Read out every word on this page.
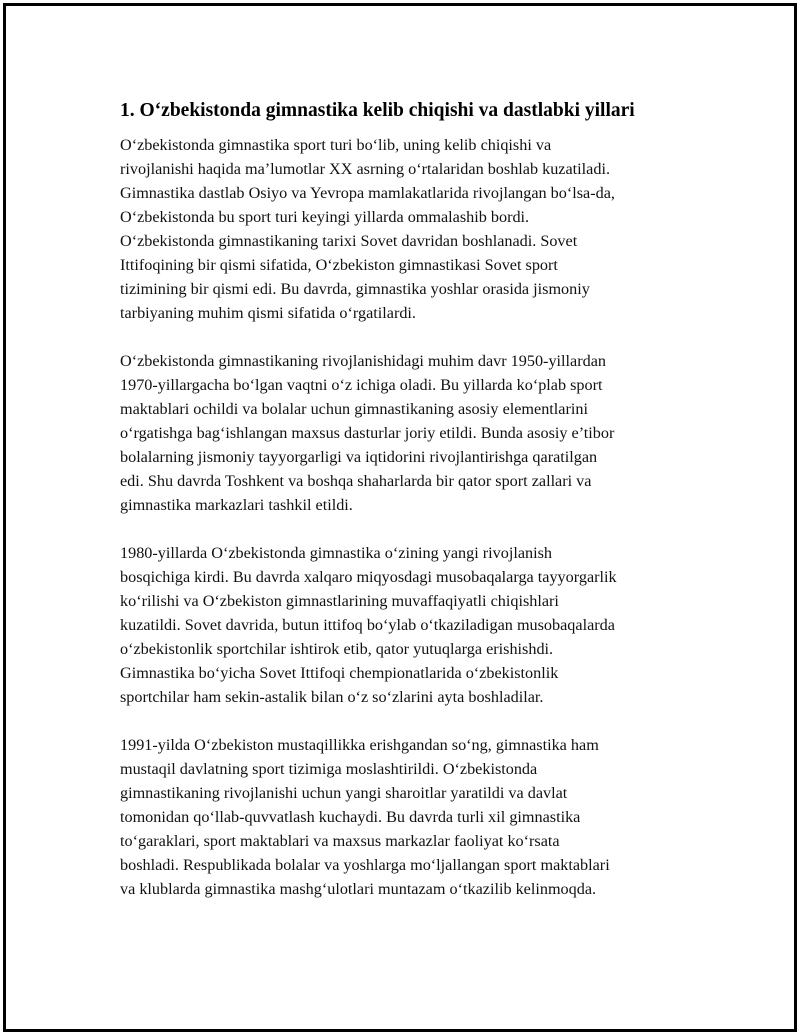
1. O‘zbekistonda gimnastika kelib chiqishi va dastlabki yillari
O‘zbekistonda gimnastika sport turi bo‘lib, uning kelib chiqishi va
rivojlanishi haqida ma’lumotlar XX asrning o‘rtalaridan boshlab kuzatiladi.
Gimnastika dastlab Osiyo va Yevropa mamlakatlarida rivojlangan bo‘lsa-da,
O‘zbekistonda bu sport turi keyingi yillarda ommalashib bordi.
O‘zbekistonda gimnastikaning tarixi Sovet davridan boshlanadi. Sovet
Ittifoqining bir qismi sifatida, O‘zbekiston gimnastikasi Sovet sport
tizimining bir qismi edi. Bu davrda, gimnastika yoshlar orasida jismoniy
tarbiyaning muhim qismi sifatida o‘rgatilardi.
O‘zbekistonda gimnastikaning rivojlanishidagi muhim davr 1950-yillardan
1970-yillargacha bo‘lgan vaqtni o‘z ichiga oladi. Bu yillarda ko‘plab sport
maktablari ochildi va bolalar uchun gimnastikaning asosiy elementlarini
o‘rgatishga bag‘ishlangan maxsus dasturlar joriy etildi. Bunda asosiy e’tibor
bolalarning jismoniy tayyorgarligi va iqtidorini rivojlantirishga qaratilgan
edi. Shu davrda Toshkent va boshqa shaharlarda bir qator sport zallari va
gimnastika markazlari tashkil etildi.
1980-yillarda O‘zbekistonda gimnastika o‘zining yangi rivojlanish
bosqichiga kirdi. Bu davrda xalqaro miqyosdagi musobaqalarga tayyorgarlik
ko‘rilishi va O‘zbekiston gimnastlarining muvaffaqiyatli chiqishlari
kuzatildi. Sovet davrida, butun ittifoq bo‘ylab o‘tkaziladigan musobaqalarda
o‘zbekistonlik sportchilar ishtirok etib, qator yutuqlarga erishishdi.
Gimnastika bo‘yicha Sovet Ittifoqi chempionatlarida o‘zbekistonlik
sportchilar ham sekin-astalik bilan o‘z so‘zlarini ayta boshladilar.
1991-yilda O‘zbekiston mustaqillikka erishgandan so‘ng, gimnastika ham
mustaqil davlatning sport tizimiga moslashtirildi. O‘zbekistonda
gimnastikaning rivojlanishi uchun yangi sharoitlar yaratildi va davlat
tomonidan qo‘llab-quvvatlash kuchaydi. Bu davrda turli xil gimnastika
to‘garaklari, sport maktablari va maxsus markazlar faoliyat ko‘rsata
boshladi. Respublikada bolalar va yoshlarga mo‘ljallangan sport maktablari
va klublarda gimnastika mashg‘ulotlari muntazam o‘tkazilib kelinmoqda.
